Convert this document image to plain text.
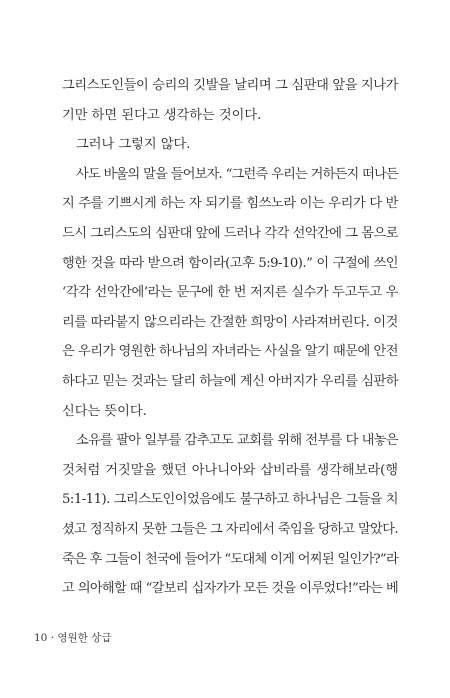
그리스도인들이 승리의 깃발을 날리며 그 심판대 앞을 지나가
기만 하면 된다고 생각하는 것이다.
그러나 그렇지 않다.
사도 바울의 말을 들어보자. “그런즉 우리는 거하든지 떠나든
지 주를 기쁘시게 하는 자 되기를 힘쓰노라 이는 우리가 다 반
드시 그리스도의 심판대 앞에 드러나 각각 선악간에 그 몸으로
행한 것을 따라 받으려 함이라(고후 5:9-10).” 이 구절에 쓰인
‘각각 선악간에’라는 문구에 한 번 저지른 실수가 두고두고 우
리를 따라붙지 않으리라는 간절한 희망이 사라져버린다. 이것
은 우리가 영원한 하나님의 자녀라는 사실을 알기 때문에 안전
하다고 믿는 것과는 달리 하늘에 계신 아버지가 우리를 심판하
신다는 뜻이다.
소유를 팔아 일부를 감추고도 교회를 위해 전부를 다 내놓은
것처럼 거짓말을 했던 아나니아와 삽비라를 생각해보라(행
5:1-11). 그리스도인이었음에도 불구하고 하나님은 그들을 치
셨고 정직하지 못한 그들은 그 자리에서 죽임을 당하고 말았다.
죽은 후 그들이 천국에 들어가 “도대체 이게 어찌된 일인가?”라
고 의아해할 때 “갈보리 십자가가 모든 것을 이루었다!”라는 베
10 · 영원한 상급
